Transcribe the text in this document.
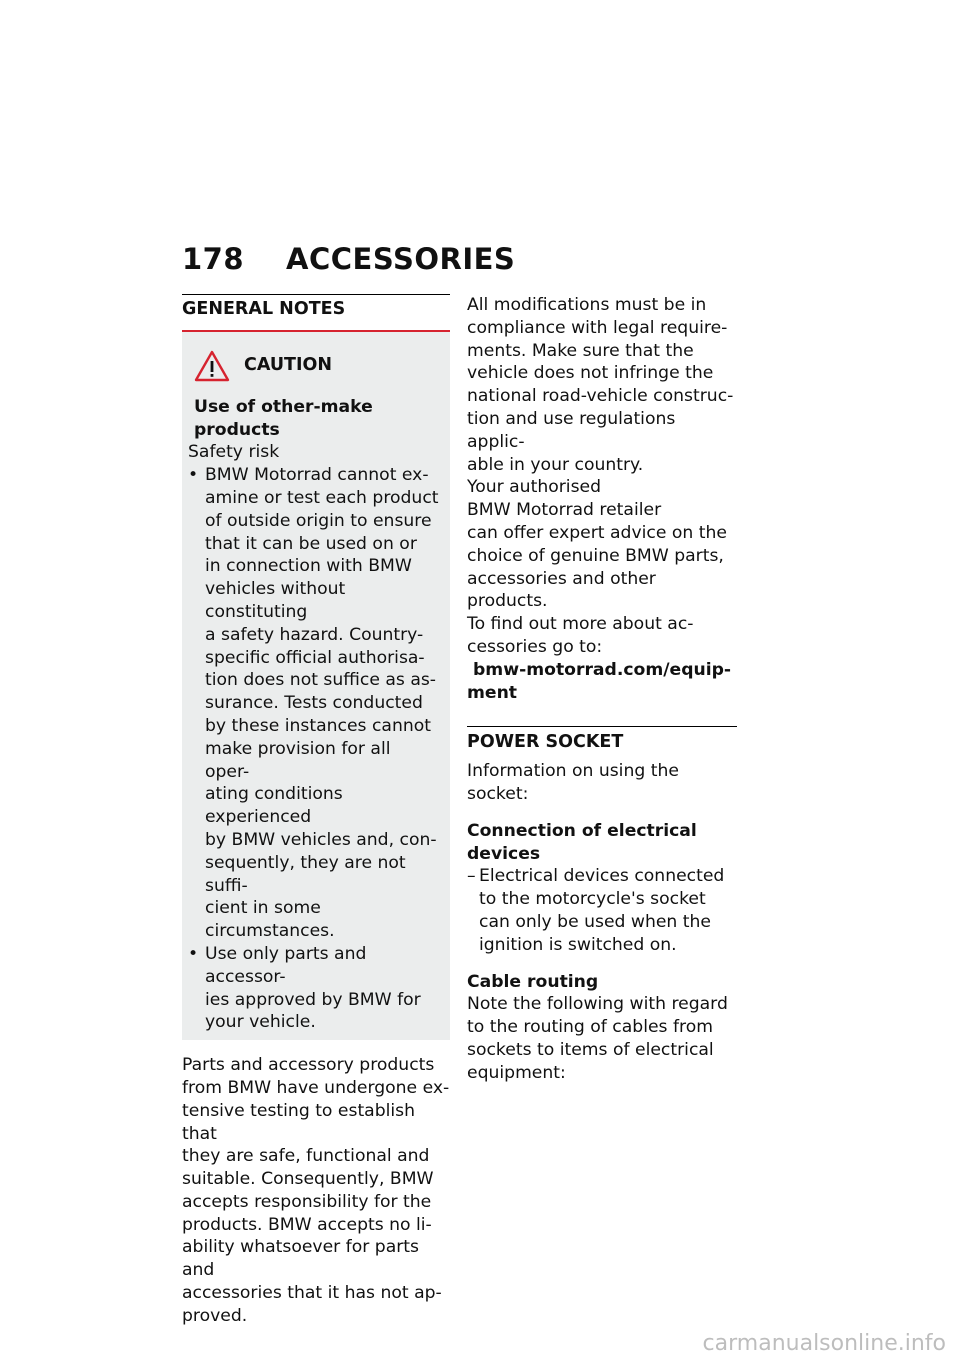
178 ACCESSORIES
GENERAL NOTES
CAUTION
Use of other-make products
Safety risk
• BMW Motorrad cannot ex-
amine or test each product
of outside origin to ensure
that it can be used on or
in connection with BMW
vehicles without constituting
a safety hazard. Country-
specific official authorisa-
tion does not suffice as as-
surance. Tests conducted
by these instances cannot
make provision for all oper-
ating conditions experienced
by BMW vehicles and, con-
sequently, they are not suffi-
cient in some circumstances.
• Use only parts and accessor-
ies approved by BMW for
your vehicle.
Parts and accessory products
from BMW have undergone ex-
tensive testing to establish that
they are safe, functional and
suitable. Consequently, BMW
accepts responsibility for the
products. BMW accepts no li-
ability whatsoever for parts and
accessories that it has not ap-
proved.
All modifications must be in
compliance with legal require-
ments. Make sure that the
vehicle does not infringe the
national road-vehicle construc-
tion and use regulations applic-
able in your country.
Your authorised
BMW Motorrad retailer
can offer expert advice on the
choice of genuine BMW parts,
accessories and other products.
To find out more about ac-
cessories go to:
bmw-motorrad.com/equip-
ment
POWER SOCKET
Information on using the
socket:
Connection of electrical
devices
– Electrical devices connected
to the motorcycle's socket
can only be used when the
ignition is switched on.
Cable routing
Note the following with regard
to the routing of cables from
sockets to items of electrical
equipment:
carmanualsonline.info
